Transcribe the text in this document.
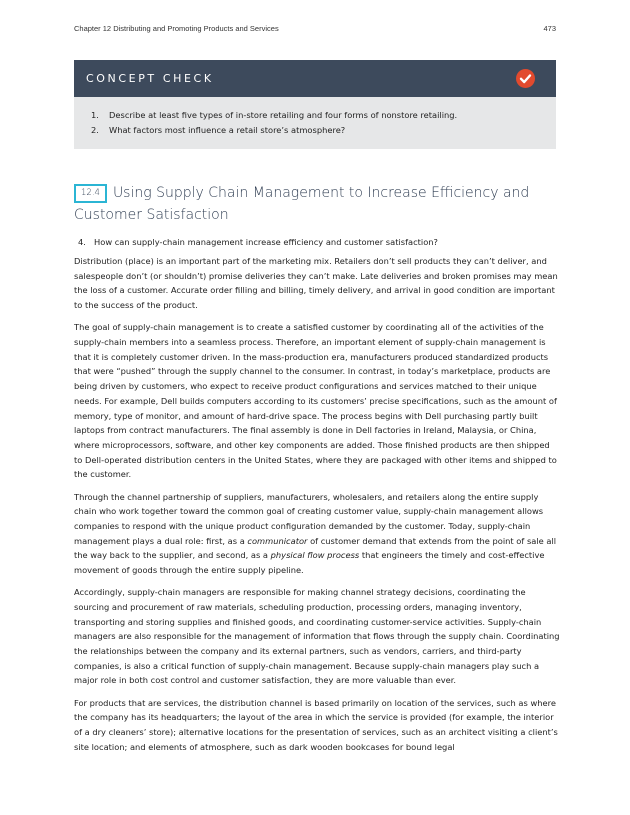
Chapter 12 Distributing and Promoting Products and Services	473
CONCEPT CHECK
1. Describe at least five types of in-store retailing and four forms of nonstore retailing.
2. What factors most influence a retail store’s atmosphere?
12.4 Using Supply Chain Management to Increase Efficiency and Customer Satisfaction
4. How can supply-chain management increase efficiency and customer satisfaction?

Distribution (place) is an important part of the marketing mix. Retailers don’t sell products they can’t deliver, and salespeople don’t (or shouldn’t) promise deliveries they can’t make. Late deliveries and broken promises may mean the loss of a customer. Accurate order filling and billing, timely delivery, and arrival in good condition are important to the success of the product.

The goal of supply-chain management is to create a satisfied customer by coordinating all of the activities of the supply-chain members into a seamless process. Therefore, an important element of supply-chain management is that it is completely customer driven. In the mass-production era, manufacturers produced standardized products that were “pushed” through the supply channel to the consumer. In contrast, in today’s marketplace, products are being driven by customers, who expect to receive product configurations and services matched to their unique needs. For example, Dell builds computers according to its customers’ precise specifications, such as the amount of memory, type of monitor, and amount of hard-drive space. The process begins with Dell purchasing partly built laptops from contract manufacturers. The final assembly is done in Dell factories in Ireland, Malaysia, or China, where microprocessors, software, and other key components are added. Those finished products are then shipped to Dell-operated distribution centers in the United States, where they are packaged with other items and shipped to the customer.

Through the channel partnership of suppliers, manufacturers, wholesalers, and retailers along the entire supply chain who work together toward the common goal of creating customer value, supply-chain management allows companies to respond with the unique product configuration demanded by the customer. Today, supply-chain management plays a dual role: first, as a communicator of customer demand that extends from the point of sale all the way back to the supplier, and second, as a physical flow process that engineers the timely and cost-effective movement of goods through the entire supply pipeline.

Accordingly, supply-chain managers are responsible for making channel strategy decisions, coordinating the sourcing and procurement of raw materials, scheduling production, processing orders, managing inventory, transporting and storing supplies and finished goods, and coordinating customer-service activities. Supply-chain managers are also responsible for the management of information that flows through the supply chain. Coordinating the relationships between the company and its external partners, such as vendors, carriers, and third-party companies, is also a critical function of supply-chain management. Because supply-chain managers play such a major role in both cost control and customer satisfaction, they are more valuable than ever.

For products that are services, the distribution channel is based primarily on location of the services, such as where the company has its headquarters; the layout of the area in which the service is provided (for example, the interior of a dry cleaners’ store); alternative locations for the presentation of services, such as an architect visiting a client’s site location; and elements of atmosphere, such as dark wooden bookcases for bound legal
